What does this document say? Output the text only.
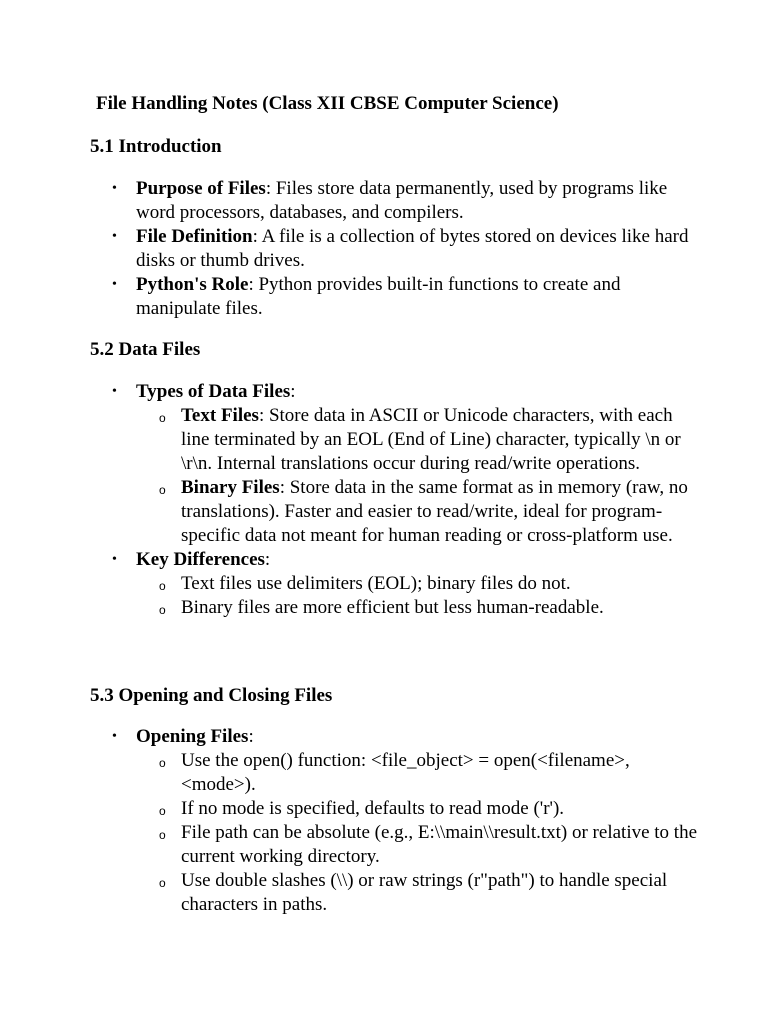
File Handling Notes (Class XII CBSE Computer Science)
5.1 Introduction
• Purpose of Files: Files store data permanently, used by programs like word processors, databases, and compilers.
• File Definition: A file is a collection of bytes stored on devices like hard disks or thumb drives.
• Python's Role: Python provides built-in functions to create and manipulate files.
5.2 Data Files
• Types of Data Files:
o Text Files: Store data in ASCII or Unicode characters, with each line terminated by an EOL (End of Line) character, typically \n or \r\n. Internal translations occur during read/write operations.
o Binary Files: Store data in the same format as in memory (raw, no translations). Faster and easier to read/write, ideal for program-specific data not meant for human reading or cross-platform use.
• Key Differences:
o Text files use delimiters (EOL); binary files do not.
o Binary files are more efficient but less human-readable.
5.3 Opening and Closing Files
• Opening Files:
o Use the open() function: <file_object> = open(<filename>, <mode>).
o If no mode is specified, defaults to read mode ('r').
o File path can be absolute (e.g., E:\\main\\result.txt) or relative to the current working directory.
o Use double slashes (\\) or raw strings (r"path") to handle special characters in paths.
